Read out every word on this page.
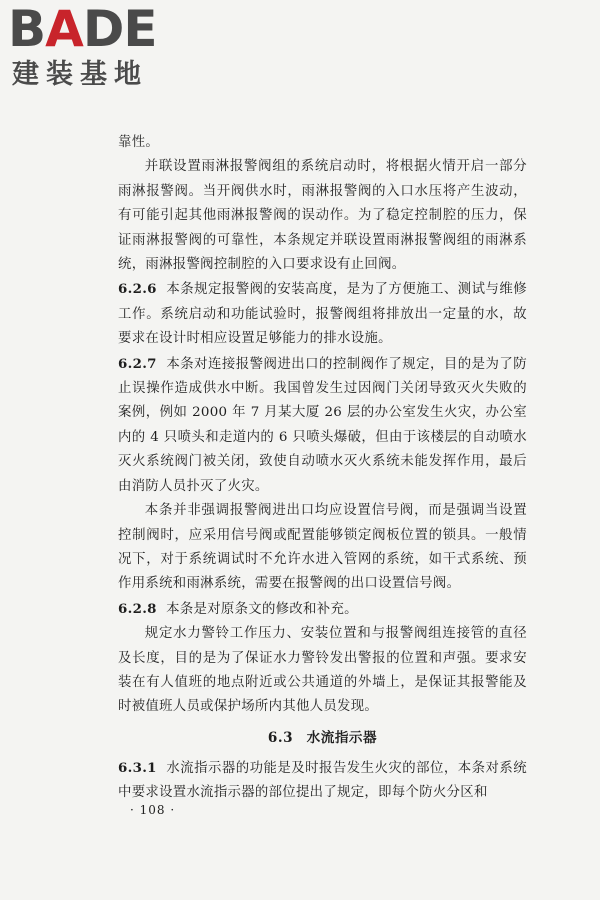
BADE
建装基地

靠性。

并联设置雨淋报警阀组的系统启动时，将根据火情开启一部分雨淋报警阀。当开阀供水时，雨淋报警阀的入口水压将产生波动，有可能引起其他雨淋报警阀的误动作。为了稳定控制腔的压力，保证雨淋报警阀的可靠性，本条规定并联设置雨淋报警阀组的雨淋系统，雨淋报警阀控制腔的入口要求设有止回阀。

6.2.6 本条规定报警阀的安装高度，是为了方便施工、测试与维修工作。系统启动和功能试验时，报警阀组将排放出一定量的水，故要求在设计时相应设置足够能力的排水设施。

6.2.7 本条对连接报警阀进出口的控制阀作了规定，目的是为了防止误操作造成供水中断。我国曾发生过因阀门关闭导致灭火失败的案例，例如 2000 年 7 月某大厦 26 层的办公室发生火灾，办公室内的 4 只喷头和走道内的 6 只喷头爆破，但由于该楼层的自动喷水灭火系统阀门被关闭，致使自动喷水灭火系统未能发挥作用，最后由消防人员扑灭了火灾。

本条并非强调报警阀进出口均应设置信号阀，而是强调当设置控制阀时，应采用信号阀或配置能够锁定阀板位置的锁具。一般情况下，对于系统调试时不允许水进入管网的系统，如干式系统、预作用系统和雨淋系统，需要在报警阀的出口设置信号阀。

6.2.8 本条是对原条文的修改和补充。

规定水力警铃工作压力、安装位置和与报警阀组连接管的直径及长度，目的是为了保证水力警铃发出警报的位置和声强。要求安装在有人值班的地点附近或公共通道的外墙上，是保证其报警能及时被值班人员或保护场所内其他人员发现。

6.3 水流指示器

6.3.1 水流指示器的功能是及时报告发生火灾的部位，本条对系统中要求设置水流指示器的部位提出了规定，即每个防火分区和

· 108 ·
